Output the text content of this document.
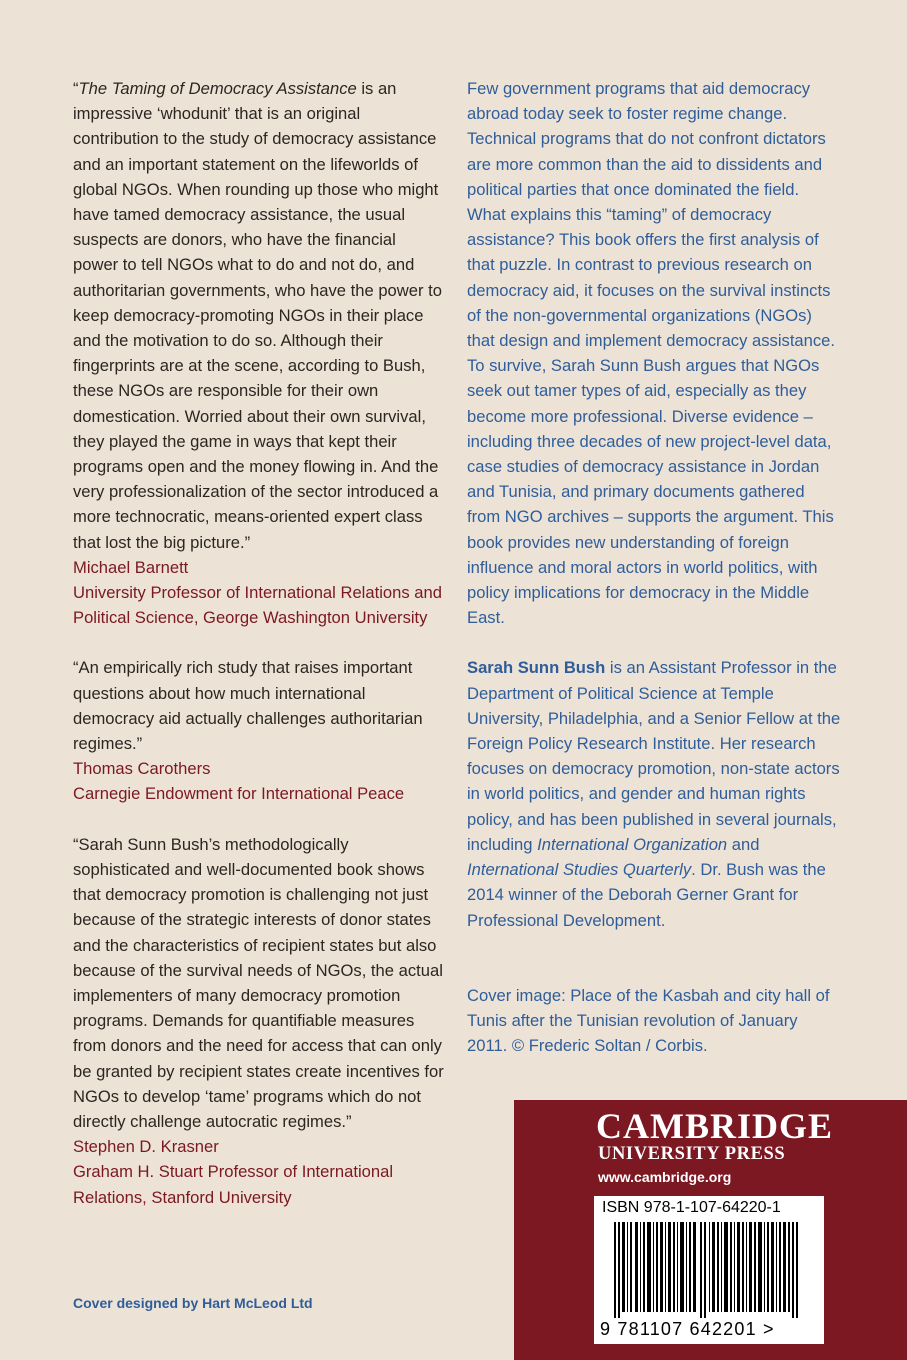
“The Taming of Democracy Assistance is an impressive ‘whodunit’ that is an original contribution to the study of democracy assistance and an important statement on the lifeworlds of global NGOs. When rounding up those who might have tamed democracy assistance, the usual suspects are donors, who have the financial power to tell NGOs what to do and not do, and authoritarian governments, who have the power to keep democracy-promoting NGOs in their place and the motivation to do so. Although their fingerprints are at the scene, according to Bush, these NGOs are responsible for their own domestication. Worried about their own survival, they played the game in ways that kept their programs open and the money flowing in. And the very professionalization of the sector introduced a more technocratic, means-oriented expert class that lost the big picture.”

Michael Barnett

University Professor of International Relations and Political Science, George Washington University

“An empirically rich study that raises important questions about how much international democracy aid actually challenges authoritarian regimes.”

Thomas Carothers

Carnegie Endowment for International Peace

“Sarah Sunn Bush’s methodologically sophisticated and well-documented book shows that democracy promotion is challenging not just because of the strategic interests of donor states and the characteristics of recipient states but also because of the survival needs of NGOs, the actual implementers of many democracy promotion programs. Demands for quantifiable measures from donors and the need for access that can only be granted by recipient states create incentives for NGOs to develop ‘tame’ programs which do not directly challenge autocratic regimes.”

Stephen D. Krasner

Graham H. Stuart Professor of International Relations, Stanford University

Cover designed by Hart McLeod Ltd

Few government programs that aid democracy abroad today seek to foster regime change. Technical programs that do not confront dictators are more common than the aid to dissidents and political parties that once dominated the field. What explains this “taming” of democracy assistance? This book offers the first analysis of that puzzle. In contrast to previous research on democracy aid, it focuses on the survival instincts of the non-governmental organizations (NGOs) that design and implement democracy assistance. To survive, Sarah Sunn Bush argues that NGOs seek out tamer types of aid, especially as they become more professional. Diverse evidence – including three decades of new project-level data, case studies of democracy assistance in Jordan and Tunisia, and primary documents gathered from NGO archives – supports the argument. This book provides new understanding of foreign influence and moral actors in world politics, with policy implications for democracy in the Middle East.

Sarah Sunn Bush is an Assistant Professor in the Department of Political Science at Temple University, Philadelphia, and a Senior Fellow at the Foreign Policy Research Institute. Her research focuses on democracy promotion, non-state actors in world politics, and gender and human rights policy, and has been published in several journals, including International Organization and International Studies Quarterly. Dr. Bush was the 2014 winner of the Deborah Gerner Grant for Professional Development.

Cover image: Place of the Kasbah and city hall of Tunis after the Tunisian revolution of January 2011. © Frederic Soltan / Corbis.

CAMBRIDGE
UNIVERSITY PRESS
www.cambridge.org
ISBN 978-1-107-64220-1
9 781107 642201 >
